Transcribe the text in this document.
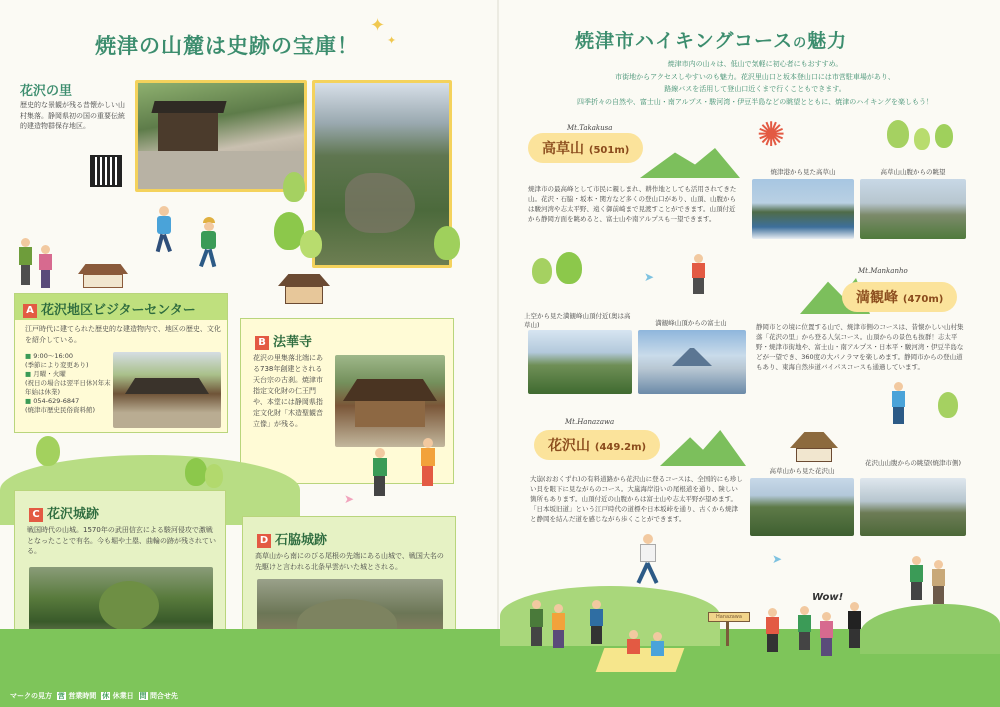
焼津の山麓は史跡の宝庫！
✦
✦
花沢の里
歴史的な景観が残る昔懐かしい山村集落。静岡県初の国の重要伝統的建造物群保存地区。
A 花沢地区ビジターセンター
江戸時代に建てられた歴史的な建造物内で、地区の歴史、文化を紹介している。
■ 9:00〜16:00
(季節により変更あり)
■ 月曜・火曜
(祝日の場合は翌平日休)(年末年始は休業)
■ 054-629-6847
(焼津市歴史民俗資料館)
B 法華寺
花沢の里集落北端にある738年創建とされる天台宗の古刹。焼津市指定文化財の仁王門や、本堂には静岡県指定文化財「木造聖観音立像」が残る。
➤
C 花沢城跡
戦国時代の山城。1570年の武田信玄による駿河侵攻で激戦となったことで有名。今も堀や土塁、曲輪の跡が残されている。
D 石脇城跡
高草山から南にのびる尾根の先端にある山城で、戦国大名の先駆けと言われる北条早雲がいた城とされる。
焼津市ハイキングコースの魅力
焼津市内の山々は、低山で気軽に初心者にもおすすめ。
市街地からアクセスしやすいのも魅力。花沢里山口と坂本登山口には市営駐車場があり、
路線バスを活用して登山口近くまで行くこともできます。
四季折々の自然や、富士山・南アルプス・駿河湾・伊豆半島などの眺望とともに、焼津のハイキングを楽しもう！
Mt.Takakusa
高草山 (501m)
焼津市の最高峰として市民に親しまれ、耕作地としても活用されてきた山。花沢・石脇・坂本・関方など多くの登山口があり、山頂、山腹からは駿河湾や志太平野、遠く御前崎まで見渡すことができます。山頂付近から静岡方面を眺めると、富士山や南アルプスも一望できます。
✺
焼津港から見た高草山	高草山山腹からの眺望
➤	Mt.Mankanho
満観峰 (470m)
上空から見た満観峰山頂付近(奥は高草山)	満観峰山頂からの富士山	静岡市との境に位置する山で、焼津市側のコースは、昔懐かしい山村集落「花沢の里」から登る人気コース。山頂からの景色も抜群！志太平野・焼津市街地や、富士山・南アルプス・日本平・駿河湾・伊豆半島などが一望でき、360度の大パノラマを楽しめます。静岡市からの登山道もあり、東海自然歩道バイパスコースも通過しています。
Mt.Hanazawa
花沢山 (449.2m)
大崩(おおくずれ)の有料道路から花沢山に登るコースは、全国的にも珍しい貝を眼下に見ながらのコース。大嵐海岸沿いの尾根道を通り、険しい箇所もあります。山頂付近の山腹からは富士山や志太平野が望めます。「日本坂旧道」という江戸時代の道標や日本坂峠を通り、古くから焼津と静岡を結んだ道を感じながら歩くことができます。
高草山から見た花沢山
花沢山山腹からの眺望(焼津市側)
➤
Wow!
Hanazawa
マークの見方 営 営業時間 休 休業日 問 問合せ先
